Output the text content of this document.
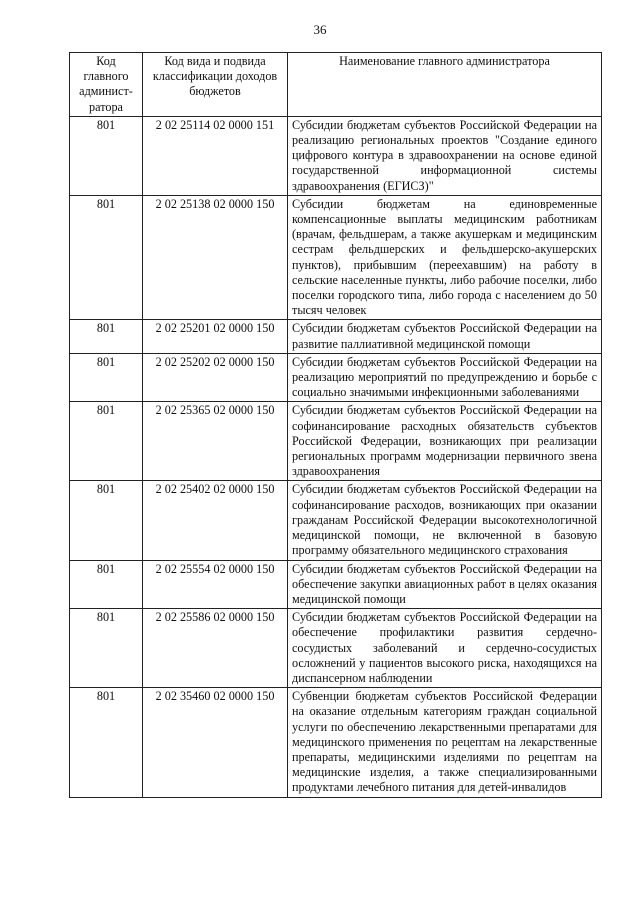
36
Код главного админист-ратора	Код вида и подвида классификации доходов бюджетов	Наименование главного администратора
801	2 02 25114 02 0000 151	Субсидии бюджетам субъектов Российской Федерации на реализацию региональных проектов "Создание единого цифрового контура в здравоохранении на основе единой государственной информационной системы здравоохранения (ЕГИСЗ)"
801	2 02 25138 02 0000 150	Субсидии бюджетам на единовременные компенсационные выплаты медицинским работникам (врачам, фельдшерам, а также акушеркам и медицинским сестрам фельдшерских и фельдшерско-акушерских пунктов), прибывшим (переехавшим) на работу в сельские населенные пункты, либо рабочие поселки, либо поселки городского типа, либо города с населением до 50 тысяч человек
801	2 02 25201 02 0000 150	Субсидии бюджетам субъектов Российской Федерации на развитие паллиативной медицинской помощи
801	2 02 25202 02 0000 150	Субсидии бюджетам субъектов Российской Федерации на реализацию мероприятий по предупреждению и борьбе с социально значимыми инфекционными заболеваниями
801	2 02 25365 02 0000 150	Субсидии бюджетам субъектов Российской Федерации на софинансирование расходных обязательств субъектов Российской Федерации, возникающих при реализации региональных программ модернизации первичного звена здравоохранения
801	2 02 25402 02 0000 150	Субсидии бюджетам субъектов Российской Федерации на софинансирование расходов, возникающих при оказании гражданам Российской Федерации высокотехнологичной медицинской помощи, не включенной в базовую программу обязательного медицинского страхования
801	2 02 25554 02 0000 150	Субсидии бюджетам субъектов Российской Федерации на обеспечение закупки авиационных работ в целях оказания медицинской помощи
801	2 02 25586 02 0000 150	Субсидии бюджетам субъектов Российской Федерации на обеспечение профилактики развития сердечно-сосудистых заболеваний и сердечно-сосудистых осложнений у пациентов высокого риска, находящихся на диспансерном наблюдении
801	2 02 35460 02 0000 150	Субвенции бюджетам субъектов Российской Федерации на оказание отдельным категориям граждан социальной услуги по обеспечению лекарственными препаратами для медицинского применения по рецептам на лекарственные препараты, медицинскими изделиями по рецептам на медицинские изделия, а также специализированными продуктами лечебного питания для детей-инвалидов
